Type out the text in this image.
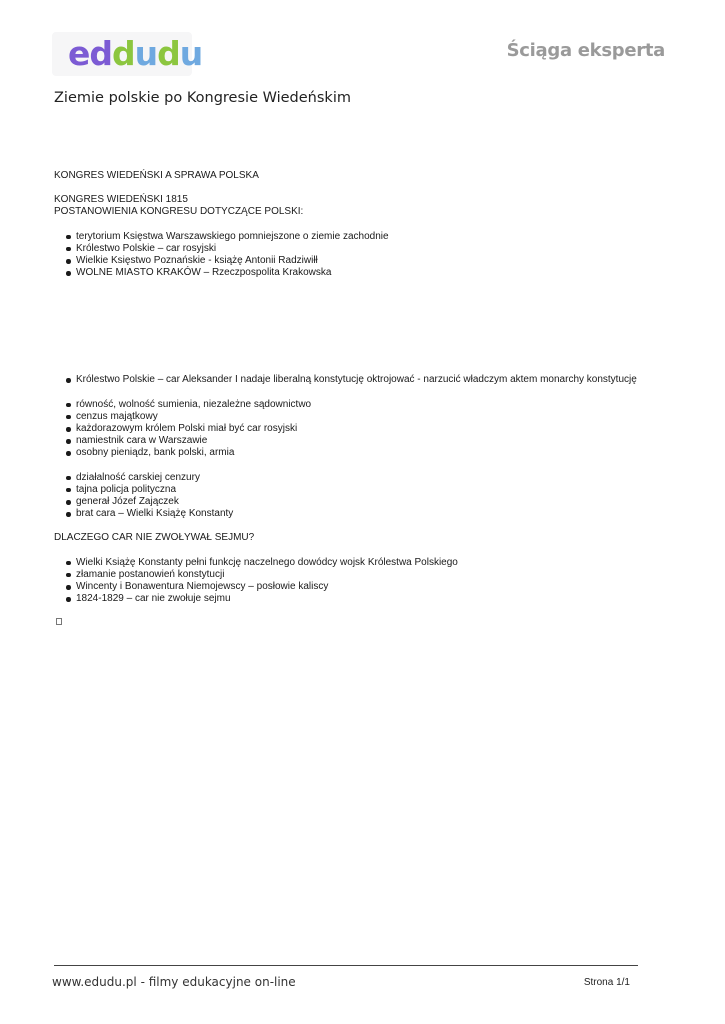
eddudu	Ściąga eksperta
Ziemie polskie po Kongresie Wiedeńskim

KONGRES WIEDEŃSKI A SPRAWA POLSKA

KONGRES WIEDEŃSKI 1815

POSTANOWIENIA KONGRESU DOTYCZĄCE POLSKI:

terytorium Księstwa Warszawskiego pomniejszone o ziemie zachodnie
Królestwo Polskie – car rosyjski
Wielkie Księstwo Poznańskie - książę Antonii Radziwiłł
WOLNE MIASTO KRAKÓW – Rzeczpospolita Krakowska
Królestwo Polskie – car Aleksander I nadaje liberalną konstytucję oktrojować - narzucić władczym aktem monarchy konstytucję
równość, wolność sumienia, niezależne sądownictwo
cenzus majątkowy
każdorazowym królem Polski miał być car rosyjski
namiestnik cara w Warszawie
osobny pieniądz, bank polski, armia
działalność carskiej cenzury
tajna policja polityczna
generał Józef Zajączek
brat cara – Wielki Książę Konstanty

DLACZEGO CAR NIE ZWOŁYWAŁ SEJMU?

Wielki Książę Konstanty pełni funkcję naczelnego dowódcy wojsk Królestwa Polskiego
złamanie postanowień konstytucji
Wincenty i Bonawentura Niemojewscy – posłowie kaliscy
1824-1829 – car nie zwołuje sejmu
www.edudu.pl - filmy edukacyjne on-line	Strona 1/1
